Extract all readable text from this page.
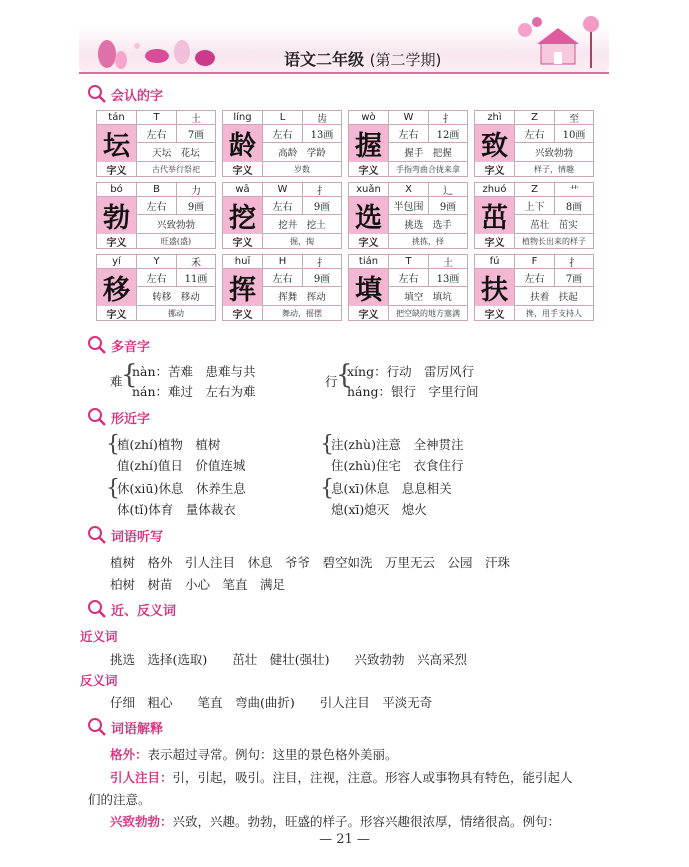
语文二年级 (第二学期)
会认的字
tán	T	土
坛	左右	7画
天坛　花坛
字义	古代举行祭祀
líng	L	齿
龄	左右	13画
高龄　学龄
字义	岁数
wò	W	扌
握	左右	12画
握手　把握
字义	手指弯曲合拢来拿
zhì	Z	至
致	左右	10画
兴致勃勃
字义	样子，情趣
bó	B	力
勃	左右	9画
兴致勃勃
字义	旺盛(盛)
wā	W	扌
挖	左右	9画
挖井　挖土
字义	掘，掏
xuǎn	X	辶
选	半包围	9画
挑选　选手
字义	挑拣，择
zhuó	Z	艹
茁	上下	8画
茁壮　茁实
字义	植物长出来的样子
yí	Y	禾
移	左右	11画
转移　移动
字义	挪动
huī	H	扌
挥	左右	9画
挥舞　挥动
字义	舞动，摇摆
tián	T	土
填	左右	13画
填空　填坑
字义	把空缺的地方塞满
fú	F	扌
扶	左右	7画
扶着　扶起
字义	搀，用手支持人
多音字
难
{
nàn：苦难　患难与共
nán：难过　左右为难
行
{
xíng：行动　雷厉风行
háng：银行　字里行间
形近字
{
植(zhí)植物　植树
值(zhí)值日　价值连城
{
注(zhù)注意　全神贯注
住(zhù)住宅　衣食住行
{
休(xiū)休息　休养生息
体(tǐ)体育　量体裁衣
{
息(xī)休息　息息相关
熄(xī)熄灭　熄火
词语听写
植树　格外　引人注目　休息　爷爷　碧空如洗　万里无云　公园　汗珠
柏树　树苗　小心　笔直　满足
近、反义词
近义词
挑选　选择(选取)　　茁壮　健壮(强壮)　　兴致勃勃　兴高采烈
反义词
仔细　粗心　　笔直　弯曲(曲折)　　引人注目　平淡无奇
词语解释
格外：表示超过寻常。例句：这里的景色格外美丽。
引人注目：引，引起，吸引。注目，注视，注意。形容人或事物具有特色，能引起人
们的注意。
兴致勃勃：兴致，兴趣。勃勃，旺盛的样子。形容兴趣很浓厚，情绪很高。例句：
— 21 —
